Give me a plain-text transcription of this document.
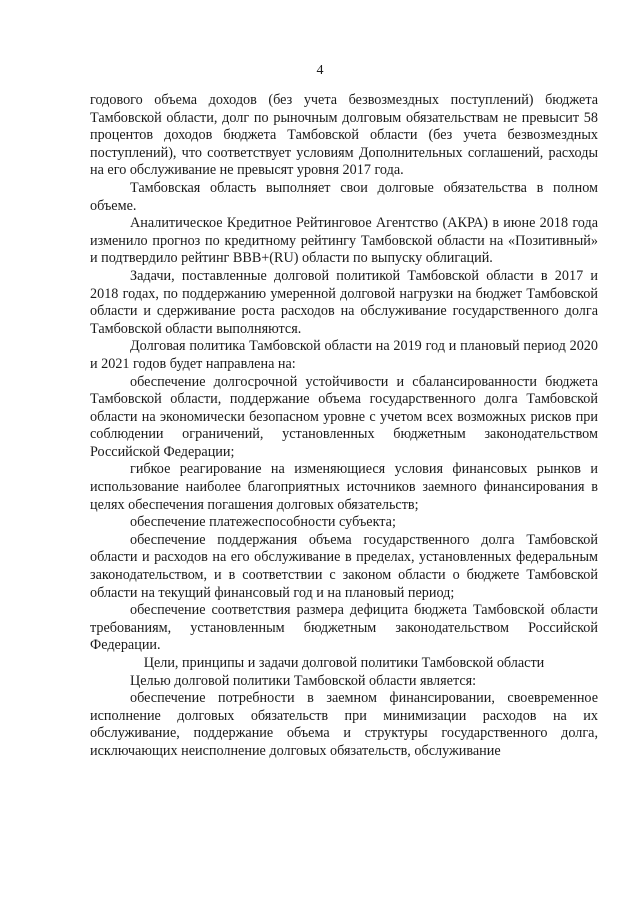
4

годового объема доходов (без учета безвозмездных поступлений) бюджета Тамбовской области, долг по рыночным долговым обязательствам не превысит 58 процентов доходов бюджета Тамбовской области (без учета безвозмездных поступлений), что соответствует условиям Дополнительных соглашений, расходы на его обслуживание не превысят уровня 2017 года.

Тамбовская область выполняет свои долговые обязательства в полном объеме.

Аналитическое Кредитное Рейтинговое Агентство (АКРА) в июне 2018 года изменило прогноз по кредитному рейтингу Тамбовской области на «Позитивный» и подтвердило рейтинг BBB+(RU) области по выпуску облигаций.

Задачи, поставленные долговой политикой Тамбовской области в 2017 и 2018 годах, по поддержанию умеренной долговой нагрузки на бюджет Тамбовской области и сдерживание роста расходов на обслуживание государственного долга Тамбовской области выполняются.

Долговая политика Тамбовской области на 2019 год и плановый период 2020 и 2021 годов будет направлена на:

обеспечение долгосрочной устойчивости и сбалансированности бюджета Тамбовской области, поддержание объема государственного долга Тамбовской области на экономически безопасном уровне с учетом всех возможных рисков при соблюдении ограничений, установленных бюджетным законодательством Российской Федерации;

гибкое реагирование на изменяющиеся условия финансовых рынков и использование наиболее благоприятных источников заемного финансирования в целях обеспечения погашения долговых обязательств;

обеспечение платежеспособности субъекта;

обеспечение поддержания объема государственного долга Тамбовской области и расходов на его обслуживание в пределах, установленных федеральным законодательством, и в соответствии с законом области о бюджете Тамбовской области на текущий финансовый год и на плановый период;

обеспечение соответствия размера дефицита бюджета Тамбовской области требованиям, установленным бюджетным законодательством Российской Федерации.

Цели, принципы и задачи долговой политики Тамбовской области

Целью долговой политики Тамбовской области является:

обеспечение потребности в заемном финансировании, своевременное исполнение долговых обязательств при минимизации расходов на их обслуживание, поддержание объема и структуры государственного долга, исключающих неисполнение долговых обязательств, обслуживание
